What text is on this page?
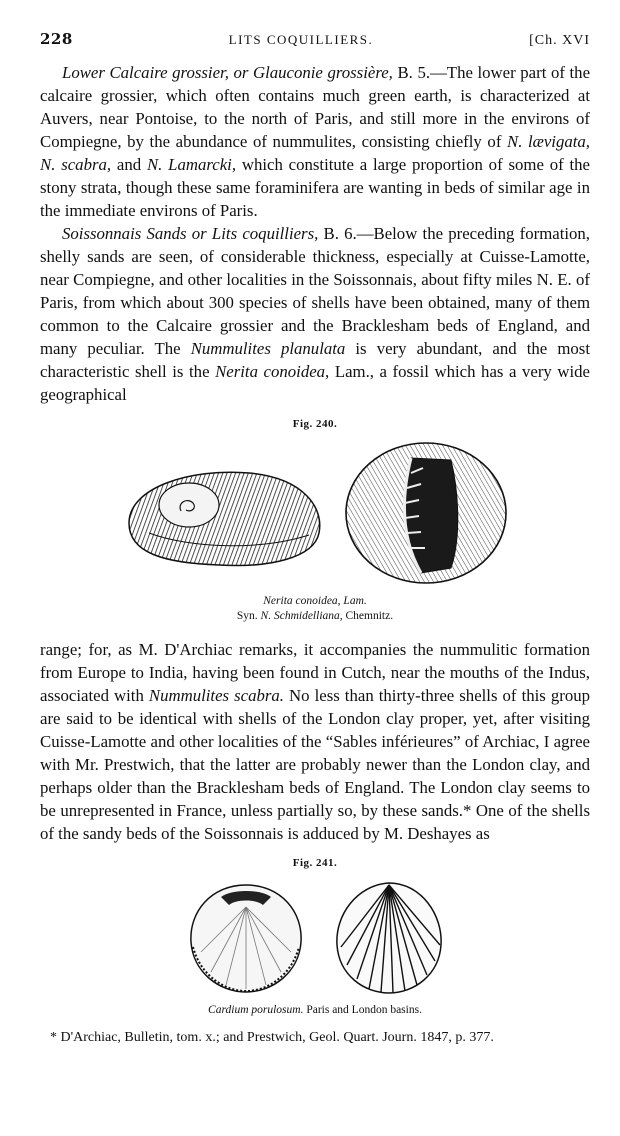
228	LITS COQUILLIERS.	[Ch. XVI

Lower Calcaire grossier, or Glauconie grossière, B. 5.—The lower part of the calcaire grossier, which often contains much green earth, is characterized at Auvers, near Pontoise, to the north of Paris, and still more in the environs of Compiegne, by the abundance of nummulites, consisting chiefly of N. lævigata, N. scabra, and N. Lamarcki, which constitute a large proportion of some of the stony strata, though these same foraminifera are wanting in beds of similar age in the immediate environs of Paris.

Soissonnais Sands or Lits coquilliers, B. 6.—Below the preceding formation, shelly sands are seen, of considerable thickness, especially at Cuisse-Lamotte, near Compiegne, and other localities in the Soissonnais, about fifty miles N. E. of Paris, from which about 300 species of shells have been obtained, many of them common to the Calcaire grossier and the Bracklesham beds of England, and many peculiar. The Nummulites planulata is very abundant, and the most characteristic shell is the Nerita conoidea, Lam., a fossil which has a very wide geographical

Fig. 240.
Nerita conoidea, Lam.
Syn. N. Schmidelliana, Chemnitz.

range; for, as M. D'Archiac remarks, it accompanies the nummulitic formation from Europe to India, having been found in Cutch, near the mouths of the Indus, associated with Nummulites scabra. No less than thirty-three shells of this group are said to be identical with shells of the London clay proper, yet, after visiting Cuisse-Lamotte and other localities of the “Sables inférieures” of Archiac, I agree with Mr. Prestwich, that the latter are probably newer than the London clay, and perhaps older than the Bracklesham beds of England. The London clay seems to be unrepresented in France, unless partially so, by these sands.* One of the shells of the sandy beds of the Soissonnais is adduced by M. Deshayes as

Fig. 241.
Cardium porulosum. Paris and London basins.
* D'Archiac, Bulletin, tom. x.; and Prestwich, Geol. Quart. Journ. 1847, p. 377.
